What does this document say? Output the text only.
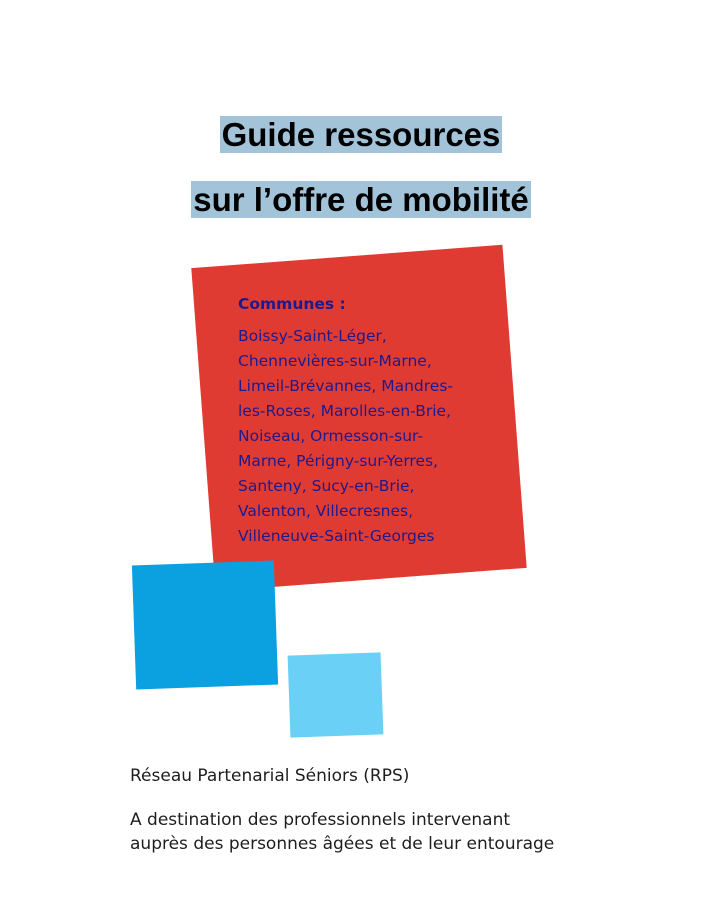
Guide ressources
sur l’offre de mobilité
Communes :
Boissy-Saint-Léger,
Chennevières-sur-Marne,
Limeil-Brévannes, Mandres-
les-Roses, Marolles-en-Brie,
Noiseau, Ormesson-sur-
Marne, Périgny-sur-Yerres,
Santeny, Sucy-en-Brie,
Valenton, Villecresnes,
Villeneuve-Saint-Georges
Réseau Partenarial Séniors (RPS)
A destination des professionnels intervenant
auprès des personnes âgées et de leur entourage
